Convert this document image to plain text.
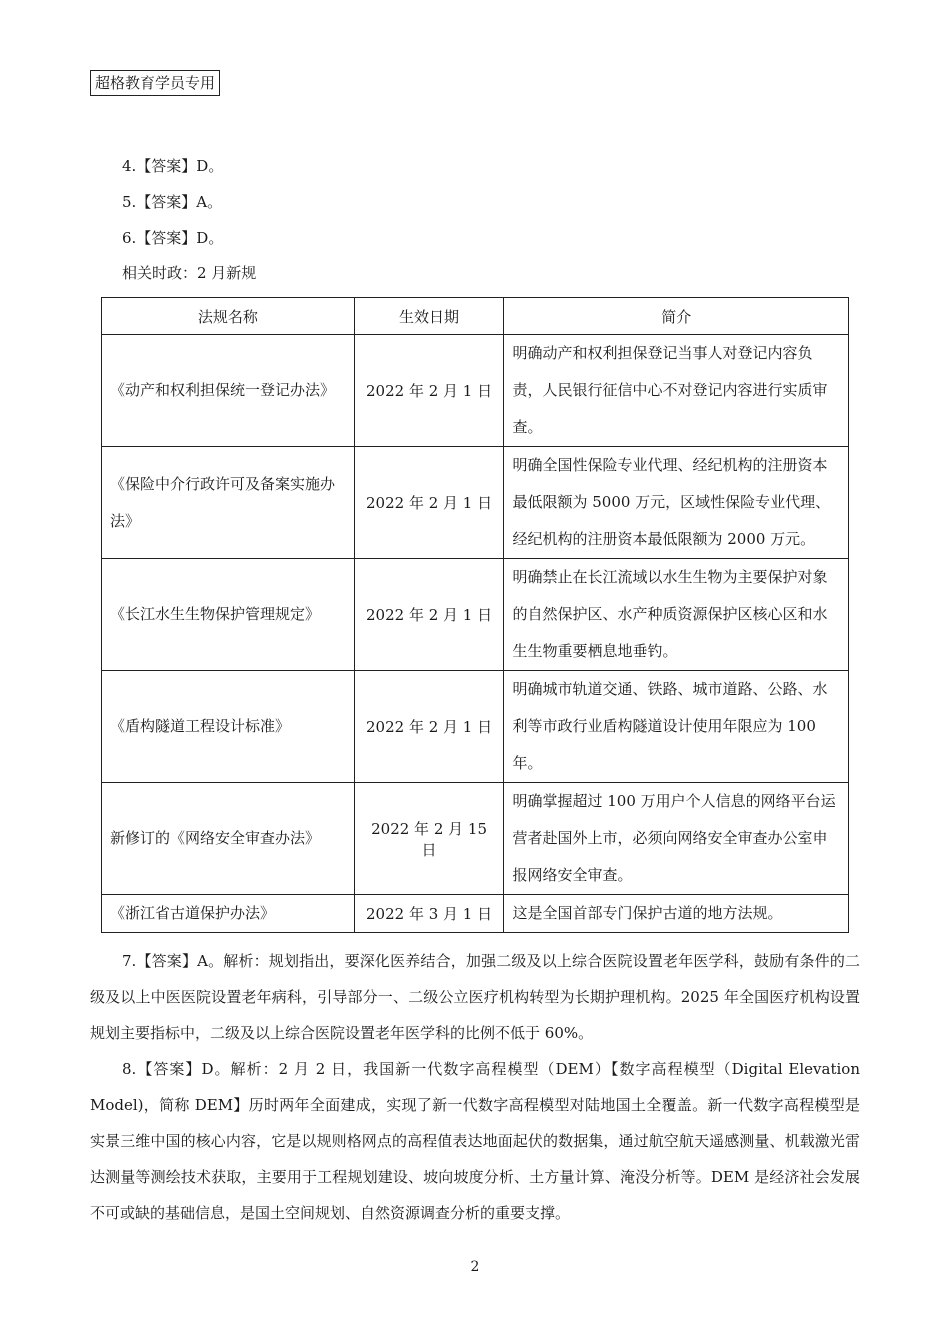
超格教育学员专用
4.【答案】D。
5.【答案】A。
6.【答案】D。
相关时政：2 月新规
法规名称	生效日期	简介
《动产和权利担保统一登记办法》	2022 年 2 月 1 日	明确动产和权利担保登记当事人对登记内容负责，人民银行征信中心不对登记内容进行实质审查。
《保险中介行政许可及备案实施办法》	2022 年 2 月 1 日	明确全国性保险专业代理、经纪机构的注册资本最低限额为 5000 万元，区域性保险专业代理、经纪机构的注册资本最低限额为 2000 万元。
《长江水生生物保护管理规定》	2022 年 2 月 1 日	明确禁止在长江流域以水生生物为主要保护对象的自然保护区、水产种质资源保护区核心区和水生生物重要栖息地垂钓。
《盾构隧道工程设计标准》	2022 年 2 月 1 日	明确城市轨道交通、铁路、城市道路、公路、水利等市政行业盾构隧道设计使用年限应为 100 年。
新修订的《网络安全审查办法》	2022 年 2 月 15 日	明确掌握超过 100 万用户个人信息的网络平台运营者赴国外上市，必须向网络安全审查办公室申报网络安全审查。
《浙江省古道保护办法》	2022 年 3 月 1 日	这是全国首部专门保护古道的地方法规。
7.【答案】A。解析：规划指出，要深化医养结合，加强二级及以上综合医院设置老年医学科，鼓励有条件的二级及以上中医医院设置老年病科，引导部分一、二级公立医疗机构转型为长期护理机构。2025 年全国医疗机构设置规划主要指标中，二级及以上综合医院设置老年医学科的比例不低于 60%。
8.【答案】D。解析：2 月 2 日，我国新一代数字高程模型（DEM）【数字高程模型（Digital Elevation Model)，简称 DEM】历时两年全面建成，实现了新一代数字高程模型对陆地国土全覆盖。新一代数字高程模型是实景三维中国的核心内容，它是以规则格网点的高程值表达地面起伏的数据集，通过航空航天遥感测量、机载激光雷达测量等测绘技术获取，主要用于工程规划建设、坡向坡度分析、土方量计算、淹没分析等。DEM 是经济社会发展不可或缺的基础信息，是国土空间规划、自然资源调查分析的重要支撑。
2
